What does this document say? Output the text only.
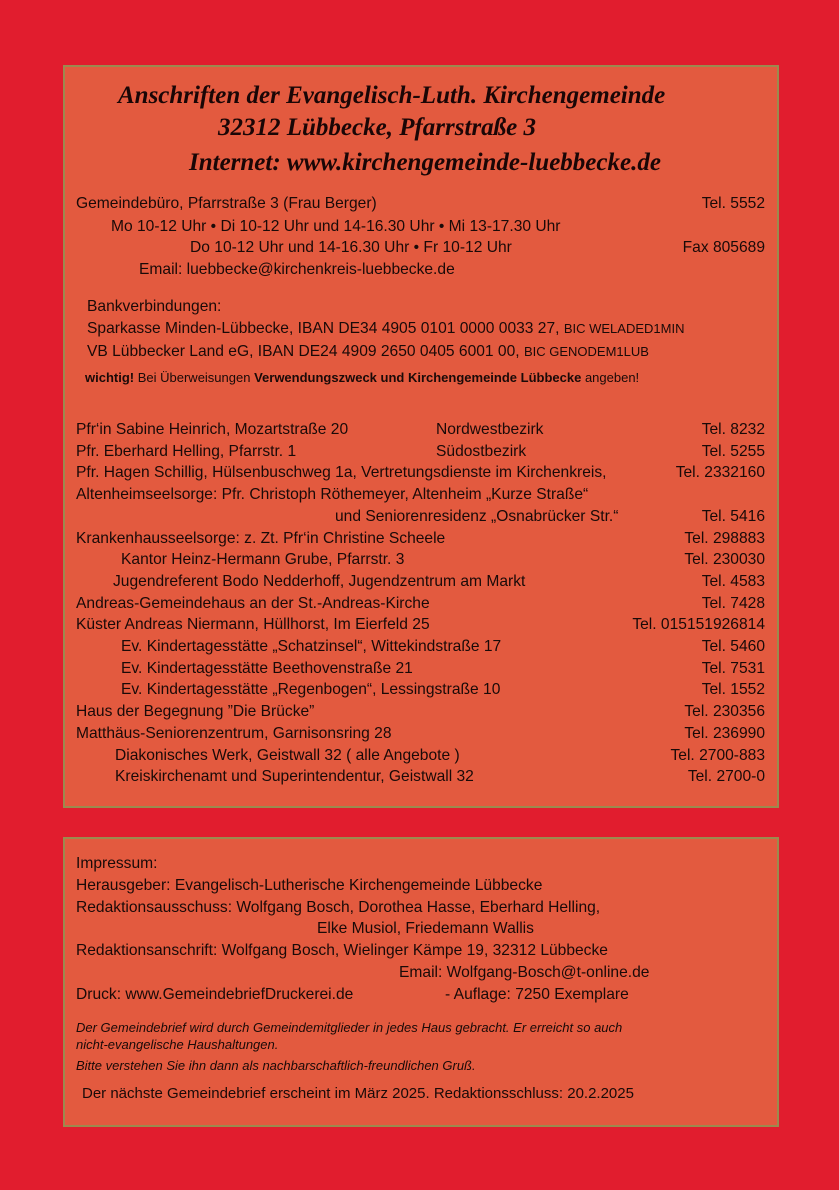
Anschriften der Evangelisch-Luth. Kirchengemeinde
32312 Lübbecke, Pfarrstraße 3
Internet: www.kirchengemeinde-luebbecke.de
Gemeindebüro, Pfarrstraße 3 (Frau Berger)	Tel. 5552
Mo 10-12 Uhr • Di 10-12 Uhr und 14-16.30 Uhr • Mi 13-17.30 Uhr
Do 10-12 Uhr und 14-16.30 Uhr • Fr 10-12 Uhr	Fax 805689
Email: luebbecke@kirchenkreis-luebbecke.de
Bankverbindungen:
Sparkasse Minden-Lübbecke, IBAN DE34 4905 0101 0000 0033 27, BIC WELADED1MIN
VB Lübbecker Land eG, IBAN DE24 4909 2650 0405 6001 00, BIC GENODEM1LUB
wichtig! Bei Überweisungen Verwendungszweck und Kirchengemeinde Lübbecke angeben!
Pfr‘in Sabine Heinrich, Mozartstraße 20	Nordwestbezirk	Tel. 8232
Pfr. Eberhard Helling, Pfarrstr. 1	Südostbezirk	Tel. 5255
Pfr. Hagen Schillig, Hülsenbuschweg 1a, Vertretungsdienste im Kirchenkreis,	Tel. 2332160
Altenheimseelsorge: Pfr. Christoph Röthemeyer, Altenheim „Kurze Straße“
und Seniorenresidenz „Osnabrücker Str.“	Tel. 5416
Krankenhausseelsorge: z. Zt. Pfr‘in Christine Scheele	Tel. 298883
Kantor Heinz-Hermann Grube, Pfarrstr. 3	Tel. 230030
Jugendreferent Bodo Nedderhoff, Jugendzentrum am Markt	Tel. 4583
Andreas-Gemeindehaus an der St.-Andreas-Kirche	Tel. 7428
Küster Andreas Niermann, Hüllhorst, Im Eierfeld 25	Tel. 015151926814
Ev. Kindertagesstätte „Schatzinsel“, Wittekindstraße 17	Tel. 5460
Ev. Kindertagesstätte Beethovenstraße 21	Tel. 7531
Ev. Kindertagesstätte „Regenbogen“, Lessingstraße 10	Tel. 1552
Haus der Begegnung ”Die Brücke”	Tel. 230356
Matthäus-Seniorenzentrum, Garnisonsring 28	Tel. 236990
Diakonisches Werk, Geistwall 32 ( alle Angebote )	Tel. 2700-883
Kreiskirchenamt und Superintendentur, Geistwall 32	Tel. 2700-0
Impressum:
Herausgeber: Evangelisch-Lutherische Kirchengemeinde Lübbecke
Redaktionsausschuss: Wolfgang Bosch, Dorothea Hasse, Eberhard Helling,
Elke Musiol, Friedemann Wallis
Redaktionsanschrift: Wolfgang Bosch, Wielinger Kämpe 19, 32312 Lübbecke
Email: Wolfgang-Bosch@t-online.de
Druck: www.GemeindebriefDruckerei.de	- Auflage: 7250 Exemplare
Der Gemeindebrief wird durch Gemeindemitglieder in jedes Haus gebracht. Er erreicht so auch
nicht-evangelische Haushaltungen.
Bitte verstehen Sie ihn dann als nachbarschaftlich-freundlichen Gruß.
Der nächste Gemeindebrief erscheint im März 2025. Redaktionsschluss: 20.2.2025
